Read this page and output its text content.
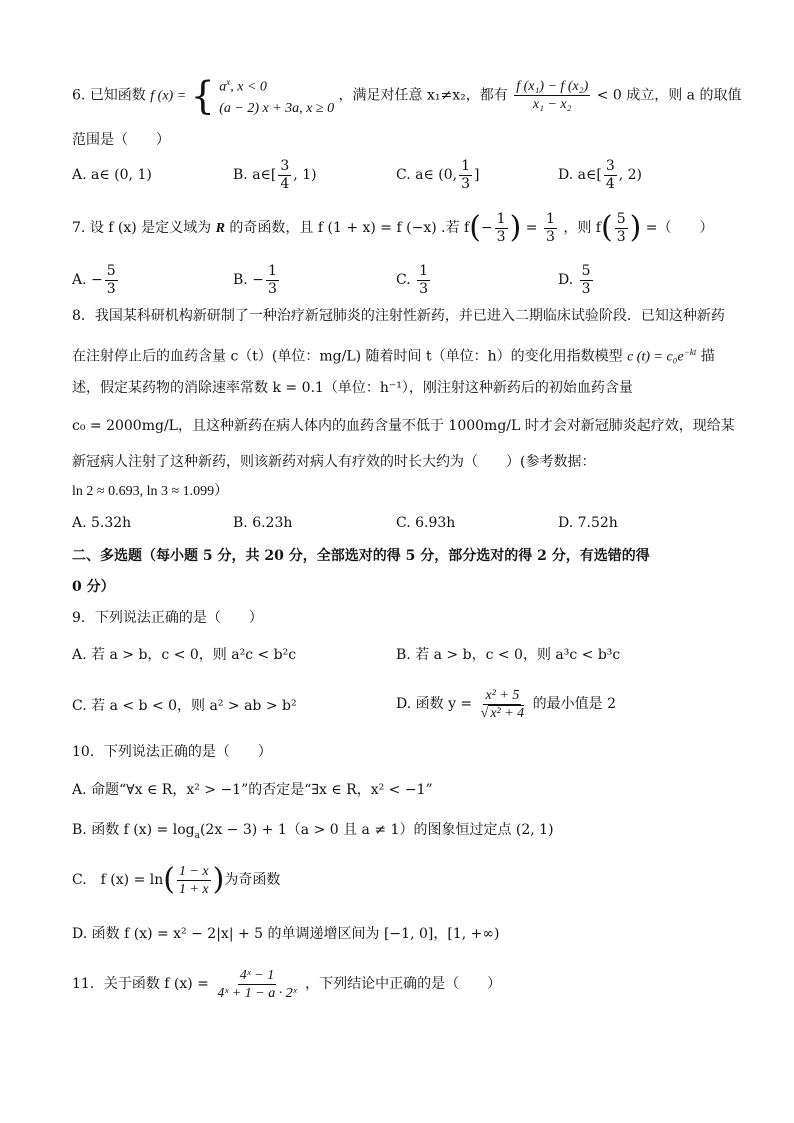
6. 已知函数 f (x) = { $a^x$, x < 0
(a − 2) x + 3a, x ≥ 0
，满足对任意 x₁≠x₂，都有 $\frac{\text{f (x₁) − f (x₂)}}{\text{x₁ − x₂}} < 0$ 成立，则 a 的取值
范围是（　　）
A. a∈ (0, 1)	B. a∈[ $\frac{3}{4}$ , 1)	C. a∈ (0, $\frac{1}{3}$ ]	D. a∈[ $\frac{3}{4}$ , 2)
7. 设 f (x) 是定义域为 R 的奇函数，且 f (1 + x) = f (−x) .若 $f(- \frac{1}{3}$ ) = $\frac{1}{3}$ ，则 $f( \frac{5}{3}$ ) =（　　）
A. − $\frac{5}{3}$	B. − $\frac{1}{3}$	C. $\frac{1}{3}$	D. $\frac{5}{3}$
8．我国某科研机构新研制了一种治疗新冠肺炎的注射性新药，并已进入二期临床试验阶段．已知这种新药
在注射停止后的血药含量 c（t）(单位：mg/L) 随着时间 t（单位：h）的变化用指数模型 c $(t) = c_0e^{-kt}$ 描
述，假定某药物的消除速率常数 k = 0.1（单位：h⁻¹），刚注射这种新药后的初始血药含量
c₀ = 2000mg/L，且这种新药在病人体内的血药含量不低于 1000mg/L 时才会对新冠肺炎起疗效，现给某
新冠病人注射了这种新药，则该新药对病人有疗效的时长大约为（　　）(参考数据：
ln 2 ≈ 0.693, ln 3 ≈ 1.099）
A. 5.32h	B. 6.23h	C. 6.93h	D. 7.52h
二、多选题（每小题 5 分，共 20 分，全部选对的得 5 分，部分选对的得 2 分，有选错的得
0 分）
9．下列说法正确的是（　　）
A. 若 a > b，c < 0，则 a²c < b²c	B. 若 a > b，c < 0，则 a³c < b³c
C. 若 a < b < 0，则 a² > ab > b²	D. 函数 $y = \frac{\text{x² + 5}}{\text{√ x² + 4}}$ 的最小值是 2
10．下列说法正确的是（　　）
A. 命题“∀x ∈ R，x² > −1”的否定是“∃x ∈ R，x² < −1”
B. 函数 f $(x) = \log_a(2x - 3) + 1(a > 0$ 且 a ≠ 1）的图象恒过定点 (2, 1)
C.　f $(x) = \ln( \frac{1 - x}{1 + x}$ )为奇函数
D. 函数 f (x) = x² − 2|x| + 5 的单调递增区间为 [−1, 0]，[1, +∞)
11．关于函数 f $(x) = \frac{\text{4ˣ − 1}}{\text{4ˣ + 1 − a · 2ˣ}}$ ，下列结论中正确的是（　　）
